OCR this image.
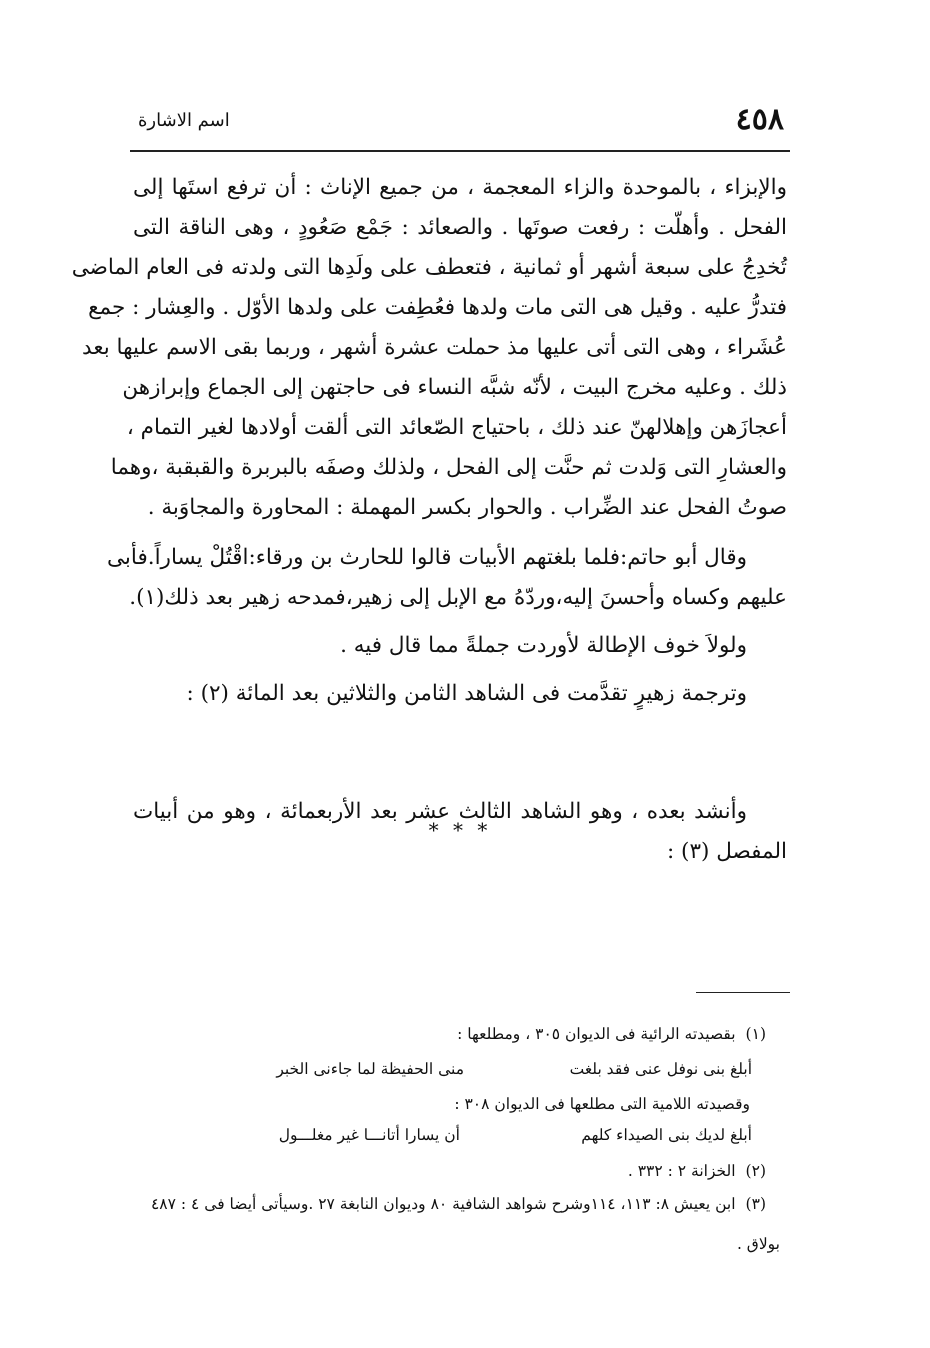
٤٥٨
اسم الاشارة
والإبزاء ، بالموحدة والزاء المعجمة ، من جميع الإناث : أن ترفع استَها إلى
الفحل . وأهلّت : رفعت صوتَها . والصعائد : جَمْع صَعُودٍ ، وهى الناقة التى
تُخدِجُ على سبعة أشهر أو ثمانية ، فتعطف على ولَدِها التى ولدته فى العام الماضى
فتدرُّ عليه . وقيل هى التى مات ولدها فعُطِفت على ولدها الأوّل . والعِشار : جمع
عُشَراء ، وهى التى أتى عليها مذ حملت عشرة أشهر ، وربما بقى الاسم عليها بعد
ذلك . وعليه مخرج البيت ، لأنّه شبَّه النساء فى حاجتهن إلى الجماع وإبرازهن
أعجازَهن وإهلالهنّ عند ذلك ، باحتياج الصّعائد التى ألقت أولادها لغير التمام ،
والعشارِ التى وَلدت ثم حنَّت إلى الفحل ، ولذلك وصفَه بالبربرة والقبقبة ،وهما
صوتُ الفحل عند الضِّراب . والحوار بكسر المهملة : المحاورة والمجاوَبة .
وقال أبو حاتم:فلما بلغتهم الأبيات قالوا للحارث بن ورقاء:اقْتُلْ يساراً.فأبى
عليهم وكساه وأحسنَ إليه،وردّهُ مع الإبل إلى زهير،فمدحه زهير بعد ذلك(١).
ولولاَ خوف الإطالة لأوردت جملةً مما قال فيه .
وترجمة زهيرٍ تقدَّمت فى الشاهد الثامن والثلاثين بعد المائة (٢) :
* * *
وأنشد بعده ، وهو الشاهد الثالث عشر بعد الأربعمائة ، وهو من أبيات
المفصل (٣) :
(١)بقصيدته الرائية فى الديوان ٣٠٥ ، ومطلعها :
أبلغ بنى نوفل عنى فقد بلغت
منى الحفيظة لما جاءنى الخبر
وقصيدته اللامية التى مطلعها فى الديوان ٣٠٨ :
أبلغ لديك بنى الصيداء كلهم
أن يسارا أتانـــا غير مغلـــول
(٢)الخزانة ٢ : ٣٣٢ .
(٣)ابن يعيش ٨: ١١٣، ١١٤وشرح شواهد الشافية ٨٠ وديوان النابغة ٢٧ .وسيأتى أيضا فى ٤ : ٤٨٧
بولاق .
